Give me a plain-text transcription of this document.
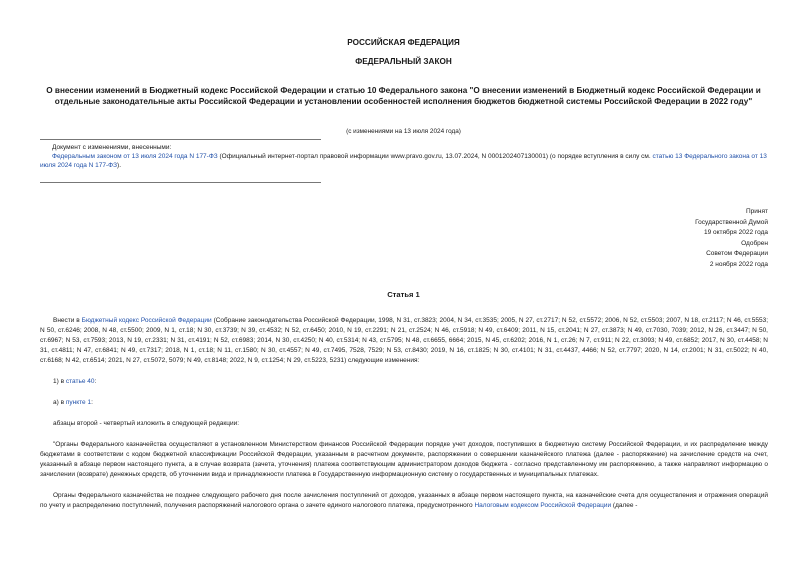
РОССИЙСКАЯ ФЕДЕРАЦИЯ
ФЕДЕРАЛЬНЫЙ ЗАКОН
О внесении изменений в Бюджетный кодекс Российской Федерации и статью 10 Федерального закона "О внесении изменений в Бюджетный кодекс Российской Федерации и отдельные законодательные акты Российской Федерации и установлении особенностей исполнения бюджетов бюджетной системы Российской Федерации в 2022 году"
(с изменениями на 13 июля 2024 года)
Документ с изменениями, внесенными:
Федеральным законом от 13 июля 2024 года N 177-ФЗ (Официальный интернет-портал правовой информации www.pravo.gov.ru, 13.07.2024, N 0001202407130001) (о порядке вступления в силу см. статью 13 Федерального закона от 13 июля 2024 года N 177-ФЗ).
Принят
Государственной Думой
19 октября 2022 года
Одобрен
Советом Федерации
2 ноября 2022 года
Статья 1

Внести в Бюджетный кодекс Российской Федерации (Собрание законодательства Российской Федерации, 1998, N 31, ст.3823; 2004, N 34, ст.3535; 2005, N 27, ст.2717; N 52, ст.5572; 2006, N 52, ст.5503; 2007, N 18, ст.2117; N 46, ст.5553; N 50, ст.6246; 2008, N 48, ст.5500; 2009, N 1, ст.18; N 30, ст.3739; N 39, ст.4532; N 52, ст.6450; 2010, N 19, ст.2291; N 21, ст.2524; N 46, ст.5918; N 49, ст.6409; 2011, N 15, ст.2041; N 27, ст.3873; N 49, ст.7030, 7039; 2012, N 26, ст.3447; N 50, ст.6967; N 53, ст.7593; 2013, N 19, ст.2331; N 31, ст.4191; N 52, ст.6983; 2014, N 30, ст.4250; N 40, ст.5314; N 43, ст.5795; N 48, ст.6655, 6664; 2015, N 45, ст.6202; 2016, N 1, ст.26; N 7, ст.911; N 22, ст.3093; N 49, ст.6852; 2017, N 30, ст.4458; N 31, ст.4811; N 47, ст.6841; N 49, ст.7317; 2018, N 1, ст.18; N 11, ст.1580; N 30, ст.4557; N 49, ст.7495, 7528, 7529; N 53, ст.8430; 2019, N 16, ст.1825; N 30, ст.4101; N 31, ст.4437, 4466; N 52, ст.7797; 2020, N 14, ст.2001; N 31, ст.5022; N 40, ст.6168; N 42, ст.6514; 2021, N 27, ст.5072, 5079; N 49, ст.8148; 2022, N 9, ст.1254; N 29, ст.5223, 5231) следующие изменения:

1) в статье 40:

а) в пункте 1:

абзацы второй - четвертый изложить в следующей редакции:

"Органы Федерального казначейства осуществляют в установленном Министерством финансов Российской Федерации порядке учет доходов, поступивших в бюджетную систему Российской Федерации, и их распределение между бюджетами в соответствии с кодом бюджетной классификации Российской Федерации, указанным в расчетном документе, распоряжении о совершении казначейского платежа (далее - распоряжение) на зачисление средств на счет, указанный в абзаце первом настоящего пункта, а в случае возврата (зачета, уточнения) платежа соответствующим администратором доходов бюджета - согласно представленному им распоряжению, а также направляют информацию о зачислении (возврате) денежных средств, об уточнении вида и принадлежности платежа в Государственную информационную систему о государственных и муниципальных платежах.

Органы Федерального казначейства не позднее следующего рабочего дня после зачисления поступлений от доходов, указанных в абзаце первом настоящего пункта, на казначейские счета для осуществления и отражения операций по учету и распределению поступлений, получения распоряжений налогового органа о зачете единого налогового платежа, предусмотренного Налоговым кодексом Российской Федерации (далее -
